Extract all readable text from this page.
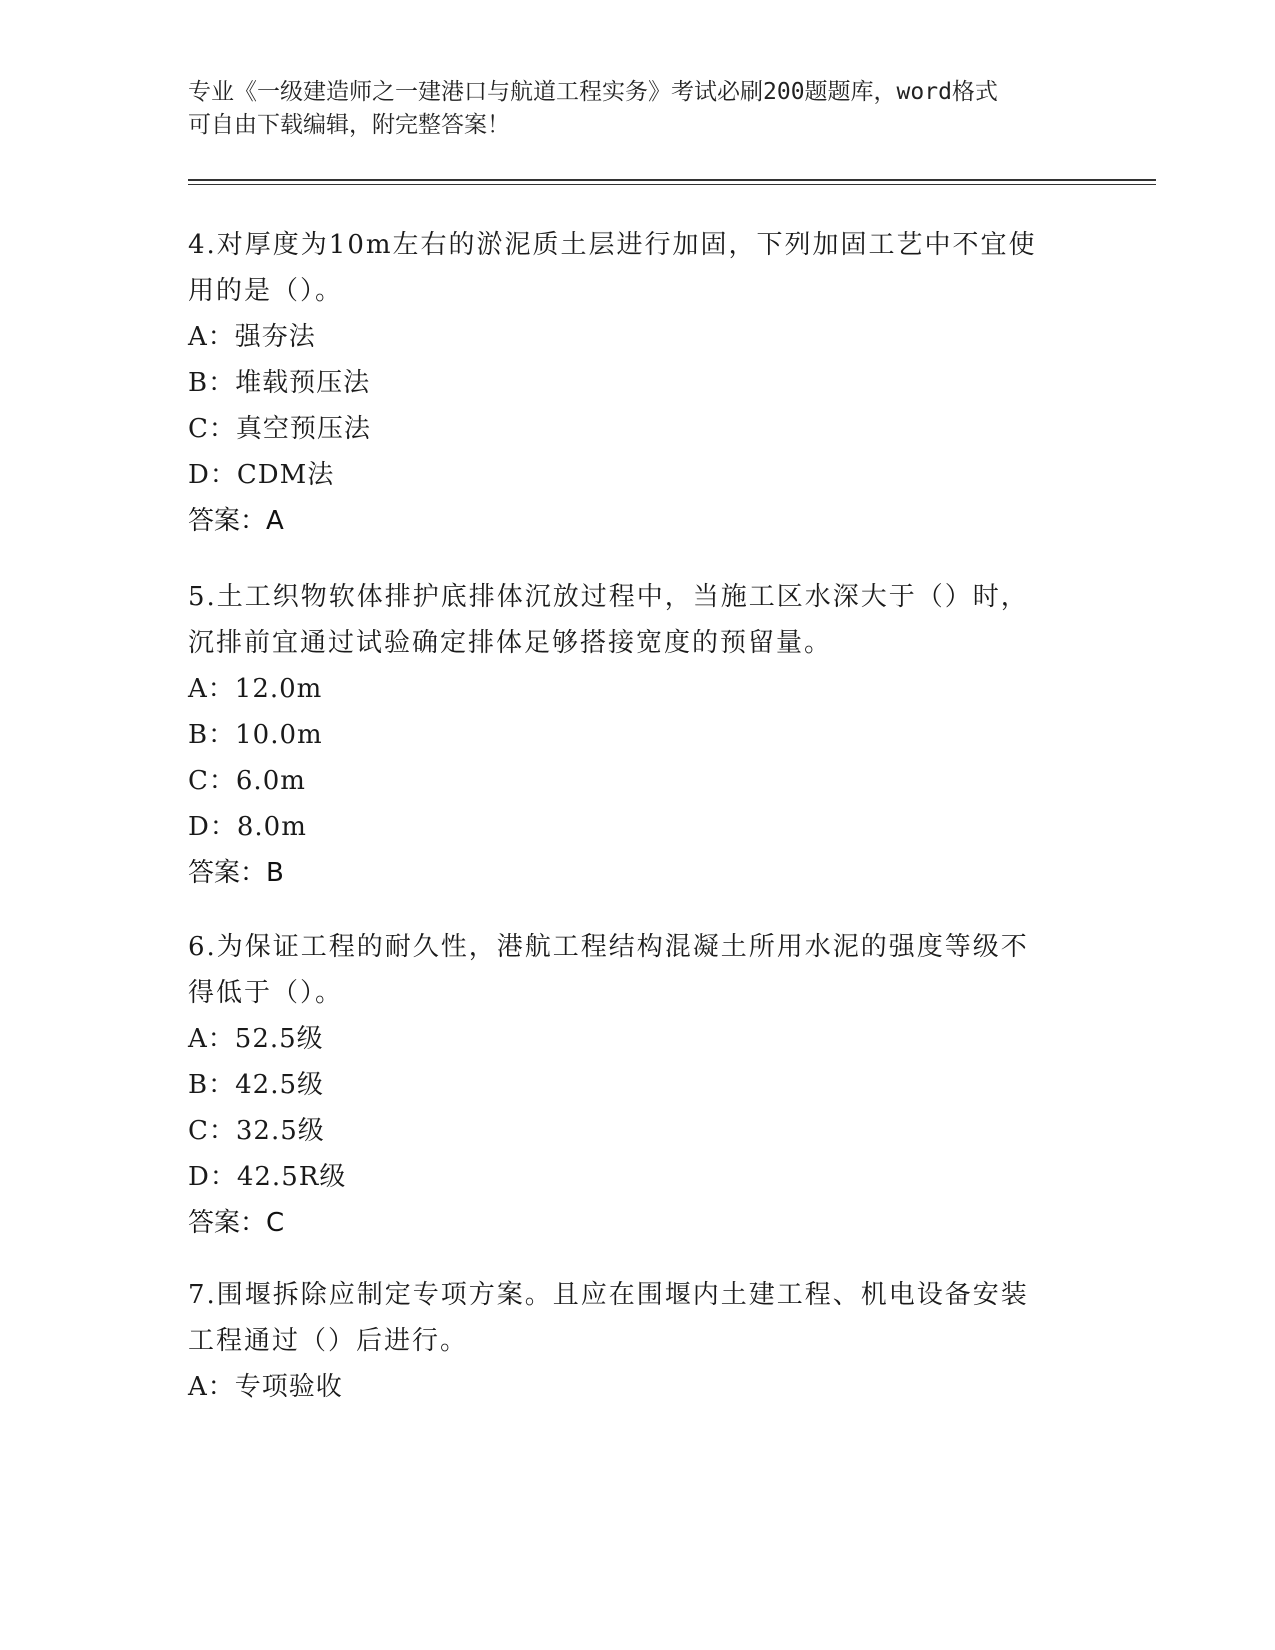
专业《一级建造师之一建港口与航道工程实务》考试必刷200题题库，word格式
可自由下载编辑，附完整答案！
4.对厚度为10m左右的淤泥质土层进行加固，下列加固工艺中不宜使
用的是（）。
A：强夯法
B：堆载预压法
C：真空预压法
D：CDM法
答案：A
5.土工织物软体排护底排体沉放过程中，当施工区水深大于（）时，
沉排前宜通过试验确定排体足够搭接宽度的预留量。
A：12.0m
B：10.0m
C：6.0m
D：8.0m
答案：B
6.为保证工程的耐久性，港航工程结构混凝土所用水泥的强度等级不
得低于（）。
A：52.5级
B：42.5级
C：32.5级
D：42.5R级
答案：C
7.围堰拆除应制定专项方案。且应在围堰内土建工程、机电设备安装
工程通过（）后进行。
A：专项验收
